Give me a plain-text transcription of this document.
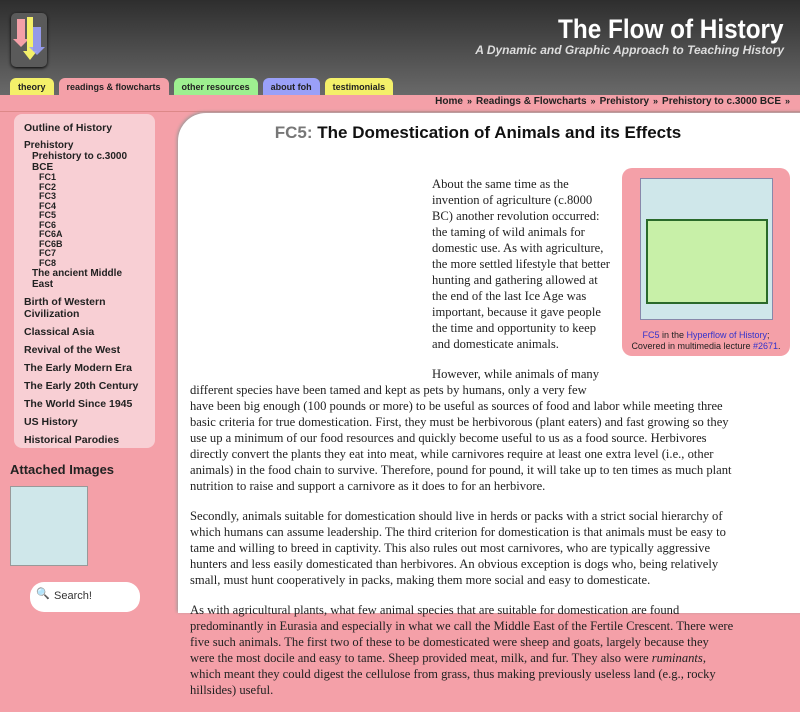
The Flow of History
A Dynamic and Graphic Approach to Teaching History
theory	readings & flowcharts	other resources	about foh	testimonials
Home » Readings & Flowcharts » Prehistory » Prehistory to c.3000 BCE »
Outline of History
Prehistory
Prehistory to c.3000 BCE
FC1
FC2
FC3
FC4
FC5
FC6
FC6A
FC6B
FC7
FC8
The ancient Middle East
Birth of Western Civilization
Classical Asia
Revival of the West
The Early Modern Era
The Early 20th Century
The World Since 1945
US History
Historical Parodies
Attached Images
🔍 Search!
FC5: The Domestication of Animals and its Effects

About the same time as the invention of agriculture (c.8000 BC) another revolution occurred: the taming of wild animals for domestic use. As with agriculture, the more settled lifestyle that better hunting and gathering allowed at the end of the last Ice Age was important, because it gave people the time and opportunity to keep and domesticate animals.

However, while animals of many different species have been tamed and kept as pets by humans, only a very few have been big enough (100 pounds or more) to be useful as sources of food and labor while meeting three basic criteria for true domestication. First, they must be herbivorous (plant eaters) and fast growing so they use up a minimum of our food resources and quickly become useful to us as a food source. Herbivores directly convert the plants they eat into meat, while carnivores require at least one extra level (i.e., other animals) in the food chain to survive. Therefore, pound for pound, it will take up to ten times as much plant nutrition to raise and support a carnivore as it does to for an herbivore.

Secondly, animals suitable for domestication should live in herds or packs with a strict social hierarchy of which humans can assume leadership. The third criterion for domestication is that animals must be easy to tame and willing to breed in captivity. This also rules out most carnivores, who are typically aggressive hunters and less easily domesticated than herbivores. An obvious exception is dogs who, being relatively small, must hunt cooperatively in packs, making them more social and easy to domesticate.

As with agricultural plants, what few animal species that are suitable for domestication are found predominantly in Eurasia and especially in what we call the Middle East of the Fertile Crescent. There were five such animals. The first two of these to be domesticated were sheep and goats, largely because they were the most docile and easy to tame. Sheep provided meat, milk, and fur. They also were ruminants, which meant they could digest the cellulose from grass, thus making previously useless land (e.g., rocky hillsides) useful.

FC5 in the Hyperflow of History;
Covered in multimedia lecture #2671.
